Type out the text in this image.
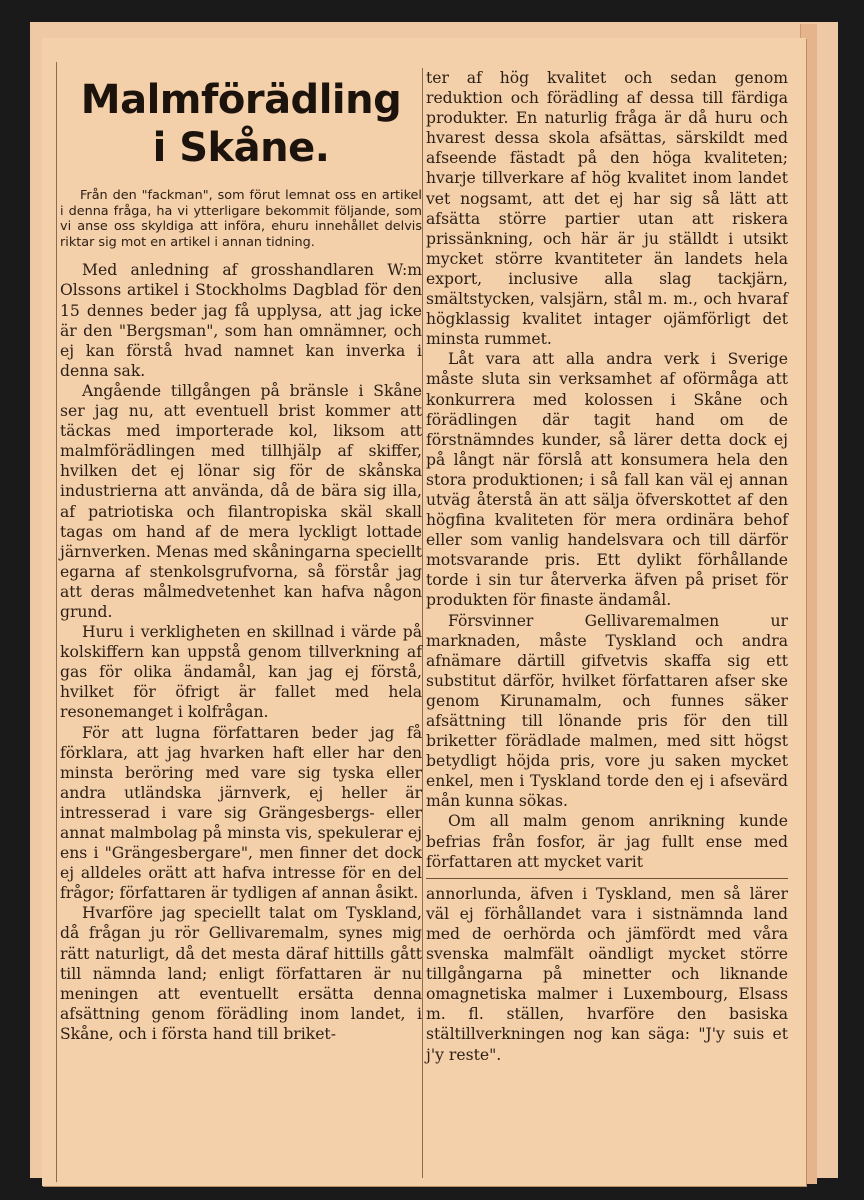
Malmförädling
i Skåne.
Från den "fackman", som förut lemnat oss en artikel i denna fråga, ha vi ytterligare bekommit följande, som vi anse oss skyldiga att införa, ehuru innehållet delvis riktar sig mot en artikel i annan tidning.

Med anledning af grosshandlaren W:m Olssons artikel i Stockholms Dagblad för den 15 dennes beder jag få upplysa, att jag icke är den "Bergsman", som han omnämner, och ej kan förstå hvad namnet kan inverka i denna sak.

Angående tillgången på bränsle i Skåne ser jag nu, att eventuell brist kommer att täckas med importerade kol, liksom att malmförädlingen med tillhjälp af skiffer, hvilken det ej lönar sig för de skånska industrierna att använda, då de bära sig illa, af patriotiska och filantropiska skäl skall tagas om hand af de mera lyckligt lottade järnverken. Menas med skåningarna speciellt egarna af stenkolsgrufvorna, så förstår jag att deras målmedvetenhet kan hafva någon grund.

Huru i verkligheten en skillnad i värde på kolskiffern kan uppstå genom tillverkning af gas för olika ändamål, kan jag ej förstå, hvilket för öfrigt är fallet med hela resonemanget i kolfrågan.

För att lugna författaren beder jag få förklara, att jag hvarken haft eller har den minsta beröring med vare sig tyska eller andra utländska järnverk, ej heller är intresserad i vare sig Grängesbergs- eller annat malmbolag på minsta vis, spekulerar ej ens i "Grängesbergare", men finner det dock ej alldeles orätt att hafva intresse för en del frågor; författaren är tydligen af annan åsikt.

Hvarföre jag speciellt talat om Tyskland, då frågan ju rör Gellivaremalm, synes mig rätt naturligt, då det mesta däraf hittills gått till nämnda land; enligt författaren är nu meningen att eventuellt ersätta denna afsättning genom förädling inom landet, i Skåne, och i första hand till briket-

ter af hög kvalitet och sedan genom reduktion och förädling af dessa till färdiga produkter. En naturlig fråga är då huru och hvarest dessa skola afsättas, särskildt med afseende fästadt på den höga kvaliteten; hvarje tillverkare af hög kvalitet inom landet vet nogsamt, att det ej har sig så lätt att afsätta större partier utan att riskera prissänkning, och här är ju ställdt i utsikt mycket större kvantiteter än landets hela export, inclusive alla slag tackjärn, smältstycken, valsjärn, stål m. m., och hvaraf högklassig kvalitet intager ojämförligt det minsta rummet.

Låt vara att alla andra verk i Sverige måste sluta sin verksamhet af oförmåga att konkurrera med kolossen i Skåne och förädlingen där tagit hand om de förstnämndes kunder, så lärer detta dock ej på långt när förslå att konsumera hela den stora produktionen; i så fall kan väl ej annan utväg återstå än att sälja öfverskottet af den högfina kvaliteten för mera ordinära behof eller som vanlig handelsvara och till därför motsvarande pris. Ett dylikt förhållande torde i sin tur återverka äfven på priset för produkten för finaste ändamål.

Försvinner Gellivaremalmen ur marknaden, måste Tyskland och andra afnämare därtill gifvetvis skaffa sig ett substitut därför, hvilket författaren afser ske genom Kirunamalm, och funnes säker afsättning till lönande pris för den till briketter förädlade malmen, med sitt högst betydligt höjda pris, vore ju saken mycket enkel, men i Tyskland torde den ej i afsevärd mån kunna sökas.

Om all malm genom anrikning kunde befrias från fosfor, är jag fullt ense med författaren att mycket varit

annorlunda, äfven i Tyskland, men så lärer väl ej förhållandet vara i sistnämnda land med de oerhörda och jämfördt med våra svenska malmfält oändligt mycket större tillgångarna på minetter och liknande omagnetiska malmer i Luxembourg, Elsass m. fl. ställen, hvarföre den basiska stältillverkningen nog kan säga: "J'y suis et j'y reste".
